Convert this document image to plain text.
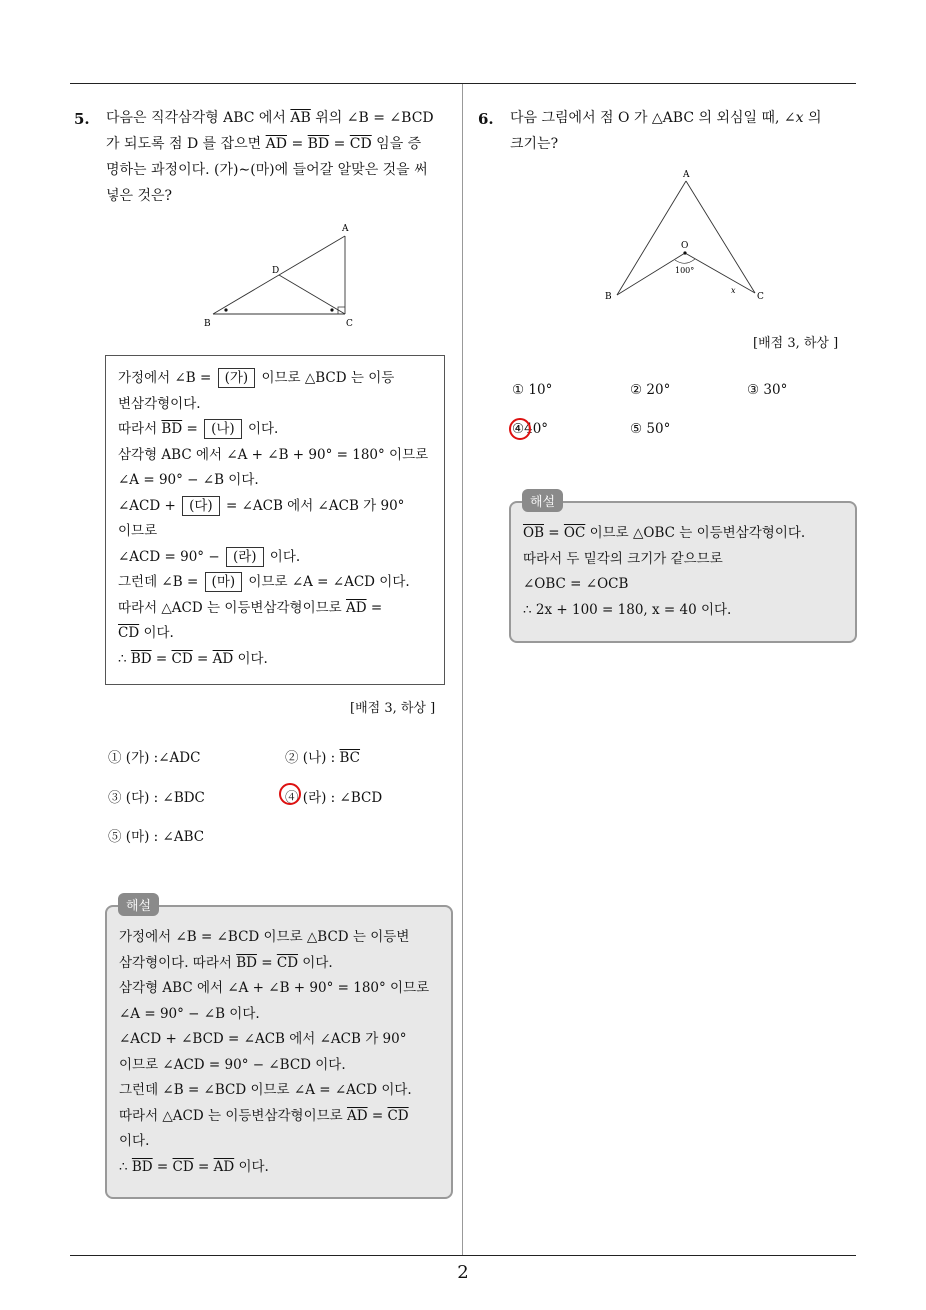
2
5. 다음은 직각삼각형 ABC 에서 $\overline{AB}$ 위의 ∠B = ∠BCD
가 되도록 점 D 를 잡으면 $\overline{AD} = \overline{BD} = \overline{CD}$ 임을 증
명하는 과정이다. (가)∼(마)에 들어갈 알맞은 것을 써
넣은 것은?
A
D
B	C
가정에서 ∠B = (가) 이므로 △BCD 는 이등
변삼각형이다.
따라서 $\overline{BD}$ = (나) 이다.
삼각형 ABC 에서 ∠A + ∠B + 90° = 180° 이므로
∠A = 90° − ∠B 이다.
∠ACD + (다) = ∠ACB 에서 ∠ACB 가 90°
이므로
∠ACD = 90° − (라) 이다.
그런데 ∠B = (마) 이므로 ∠A = ∠ACD 이다.
따라서 △ACD 는 이등변삼각형이므로 $\overline{AD}$ =
$\overline{CD}$ 이다.
∴ $\overline{BD} = \overline{CD} = \overline{AD}$ 이다.
[배점 3, 하상 ]
① (가) :∠ADC	② (나) : $\overline{BC}$
③ (다) : ∠BDC	④ (라) : ∠BCD
⑤ (마) : ∠ABC
가정에서 ∠B = ∠BCD 이므로 △BCD 는 이등변
삼각형이다. 따라서 $\overline{BD} = \overline{CD}$ 이다.
삼각형 ABC 에서 ∠A + ∠B + 90° = 180° 이므로
∠A = 90° − ∠B 이다.
∠ACD + ∠BCD = ∠ACB 에서 ∠ACB 가 90°
이므로 ∠ACD = 90° − ∠BCD 이다.
그런데 ∠B = ∠BCD 이므로 ∠A = ∠ACD 이다.
따라서 △ACD 는 이등변삼각형이므로 $\overline{AD} = \overline{CD}$
이다.
∴ $\overline{BD} = \overline{CD} = \overline{AD}$ 이다.
해설
6. 다음 그림에서 점 O 가 △ABC 의 외심일 때, ∠x 의
크기는?
A
O
100°
B	C
x
[배점 3, 하상 ]
① 10°	② 20°	③ 30°
④40°	⑤ 50°
$\overline{OB} = \overline{OC}$ 이므로 △OBC 는 이등변삼각형이다.
따라서 두 밑각의 크기가 같으므로
∠OBC = ∠OCB
∴ 2x + 100 = 180, x = 40 이다.
해설
